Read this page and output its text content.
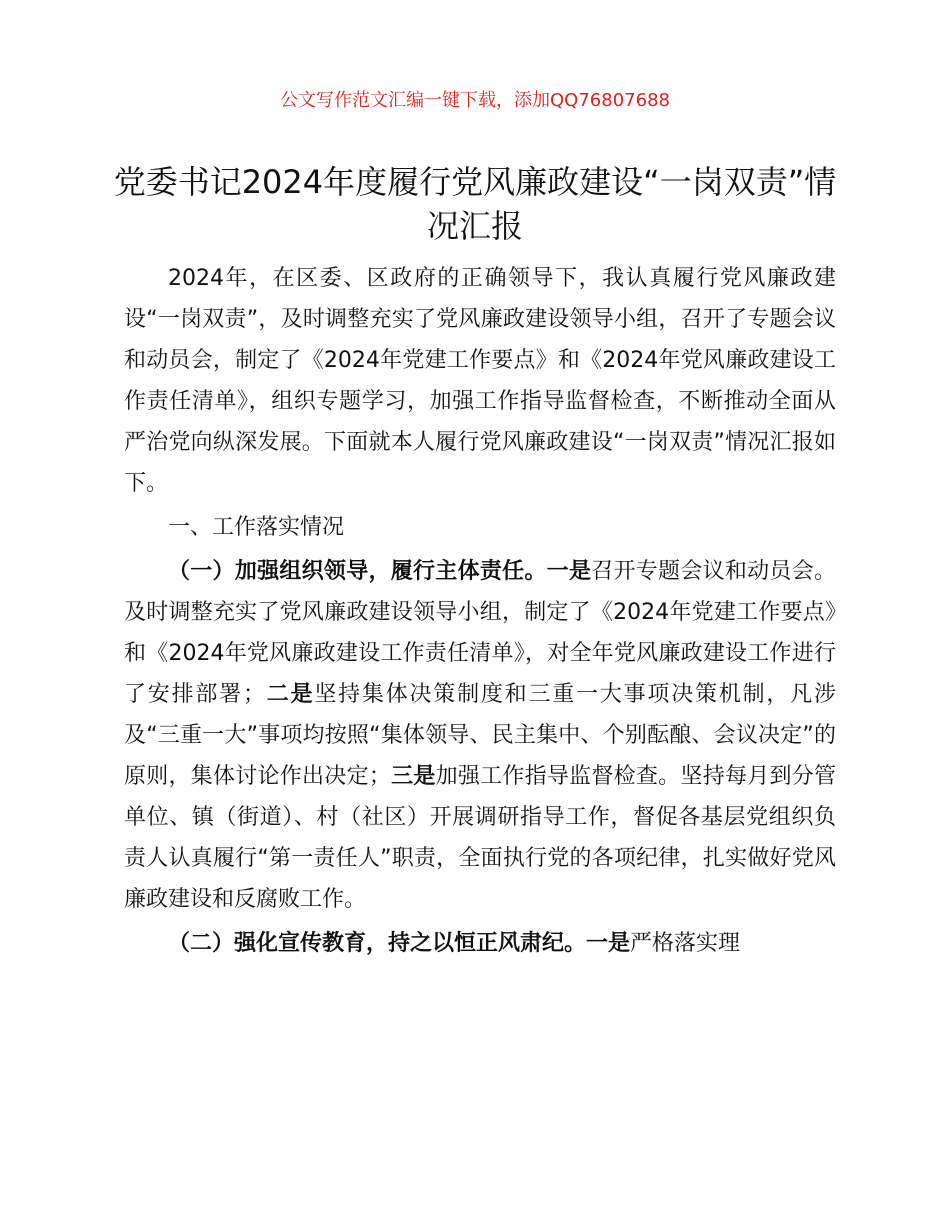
公文写作范文汇编一键下载，添加QQ76807688
党委书记2024年度履行党风廉政建设“一岗双责”情况汇报

2024年，在区委、区政府的正确领导下，我认真履行党风廉政建设“一岗双责”，及时调整充实了党风廉政建设领导小组，召开了专题会议和动员会，制定了《2024年党建工作要点》和《2024年党风廉政建设工作责任清单》，组织专题学习，加强工作指导监督检查，不断推动全面从严治党向纵深发展。下面就本人履行党风廉政建设“一岗双责”情况汇报如下。

一、工作落实情况

（一）加强组织领导，履行主体责任。一是召开专题会议和动员会。及时调整充实了党风廉政建设领导小组，制定了《2024年党建工作要点》和《2024年党风廉政建设工作责任清单》，对全年党风廉政建设工作进行了安排部署；二是坚持集体决策制度和三重一大事项决策机制，凡涉及“三重一大”事项均按照“集体领导、民主集中、个别酝酿、会议决定”的原则，集体讨论作出决定；三是加强工作指导监督检查。坚持每月到分管单位、镇（街道）、村（社区）开展调研指导工作，督促各基层党组织负责人认真履行“第一责任人”职责，全面执行党的各项纪律，扎实做好党风廉政建设和反腐败工作。

（二）强化宣传教育，持之以恒正风肃纪。一是严格落实理
